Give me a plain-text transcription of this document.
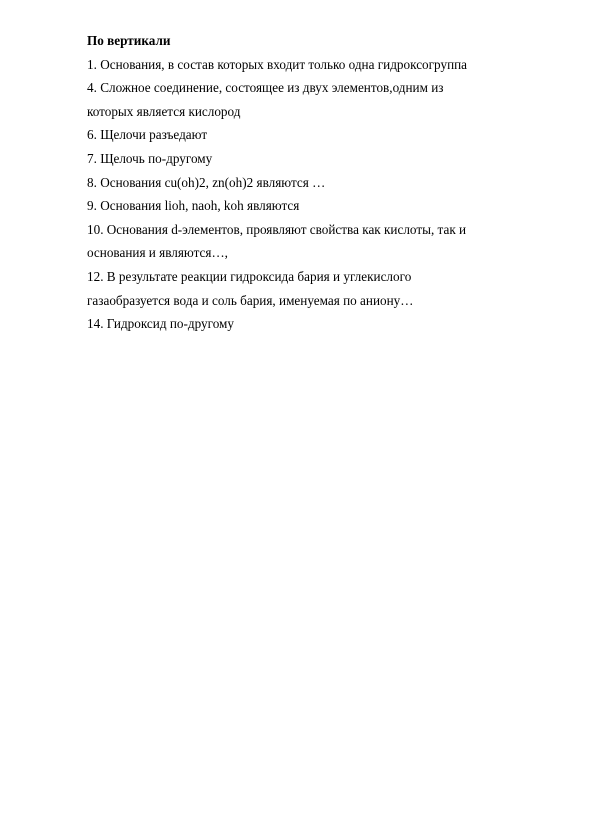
По вертикали
1. Основания, в состав которых входит только одна гидроксогруппа
4. Сложное соединение, состоящее из двух элементов,одним из
которых является кислород
6. Щелочи разъедают
7. Щелочь по-другому
8. Основания cu(oh)2, zn(oh)2 являются …
9. Основания lioh, naoh, koh являются
10. Основания d-элементов, проявляют свойства как кислоты, так и
основания и являются…,
12. В результате реакции гидроксида бария и углекислого
газаобразуется вода и соль бария, именуемая по аниону…
14. Гидроксид по-другому
